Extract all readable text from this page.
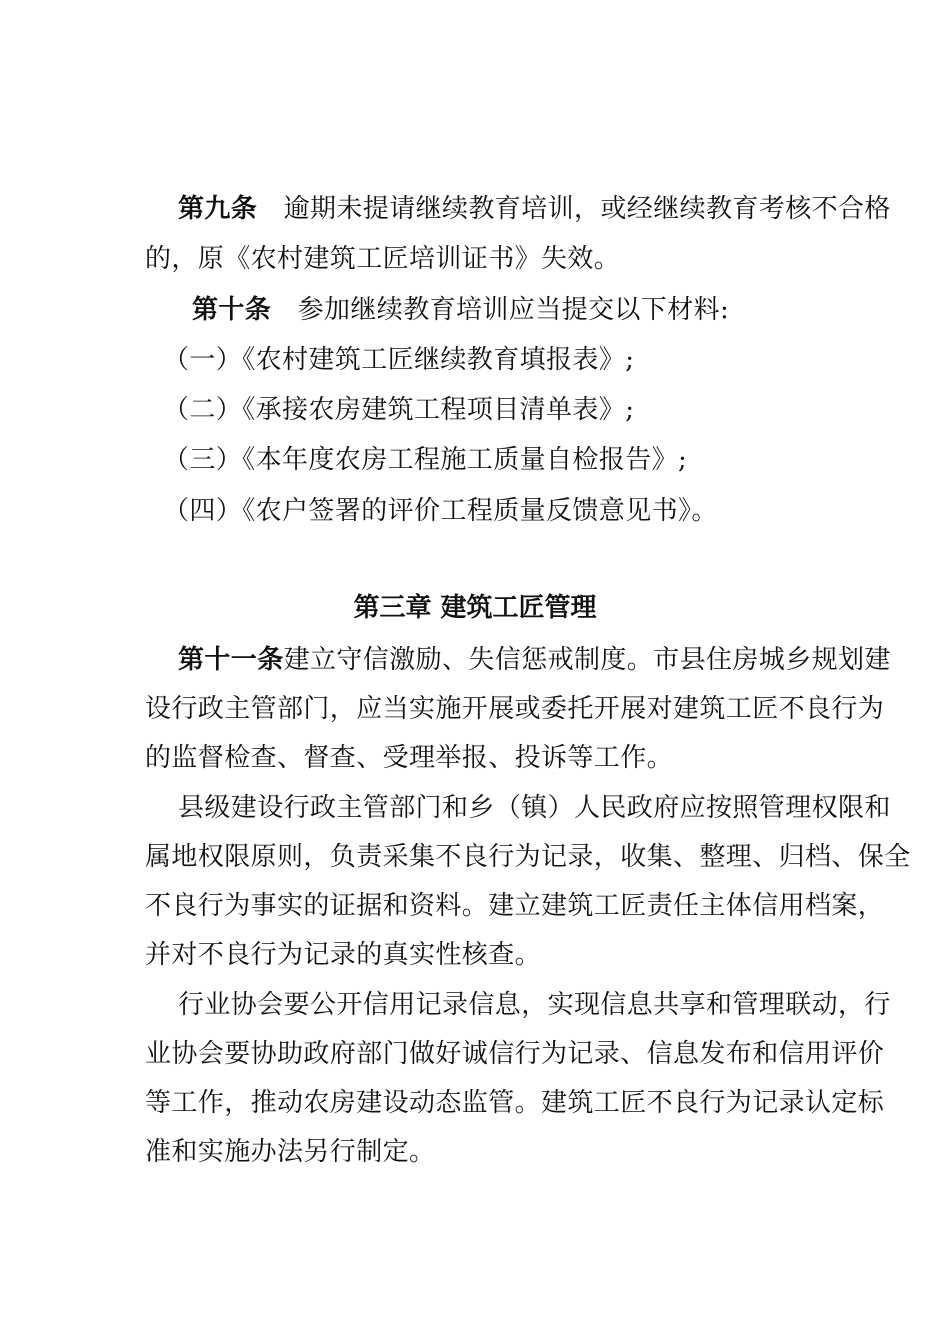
第九条  逾期未提请继续教育培训，或经继续教育考核不合格
的，原《农村建筑工匠培训证书》失效。
第十条  参加继续教育培训应当提交以下材料:
（一）《农村建筑工匠继续教育填报表》;
（二）《承接农房建筑工程项目清单表》;
（三）《本年度农房工程施工质量自检报告》;
（四）《农户签署的评价工程质量反馈意见书》。
第三章 建筑工匠管理
第十一条建立守信激励、失信惩戒制度。市县住房城乡规划建
设行政主管部门，应当实施开展或委托开展对建筑工匠不良行为
的监督检查、督查、受理举报、投诉等工作。
县级建设行政主管部门和乡（镇）人民政府应按照管理权限和
属地权限原则，负责采集不良行为记录，收集、整理、归档、保全
不良行为事实的证据和资料。建立建筑工匠责任主体信用档案，
并对不良行为记录的真实性核查。
行业协会要公开信用记录信息，实现信息共享和管理联动，行
业协会要协助政府部门做好诚信行为记录、信息发布和信用评价
等工作，推动农房建设动态监管。建筑工匠不良行为记录认定标
准和实施办法另行制定。
